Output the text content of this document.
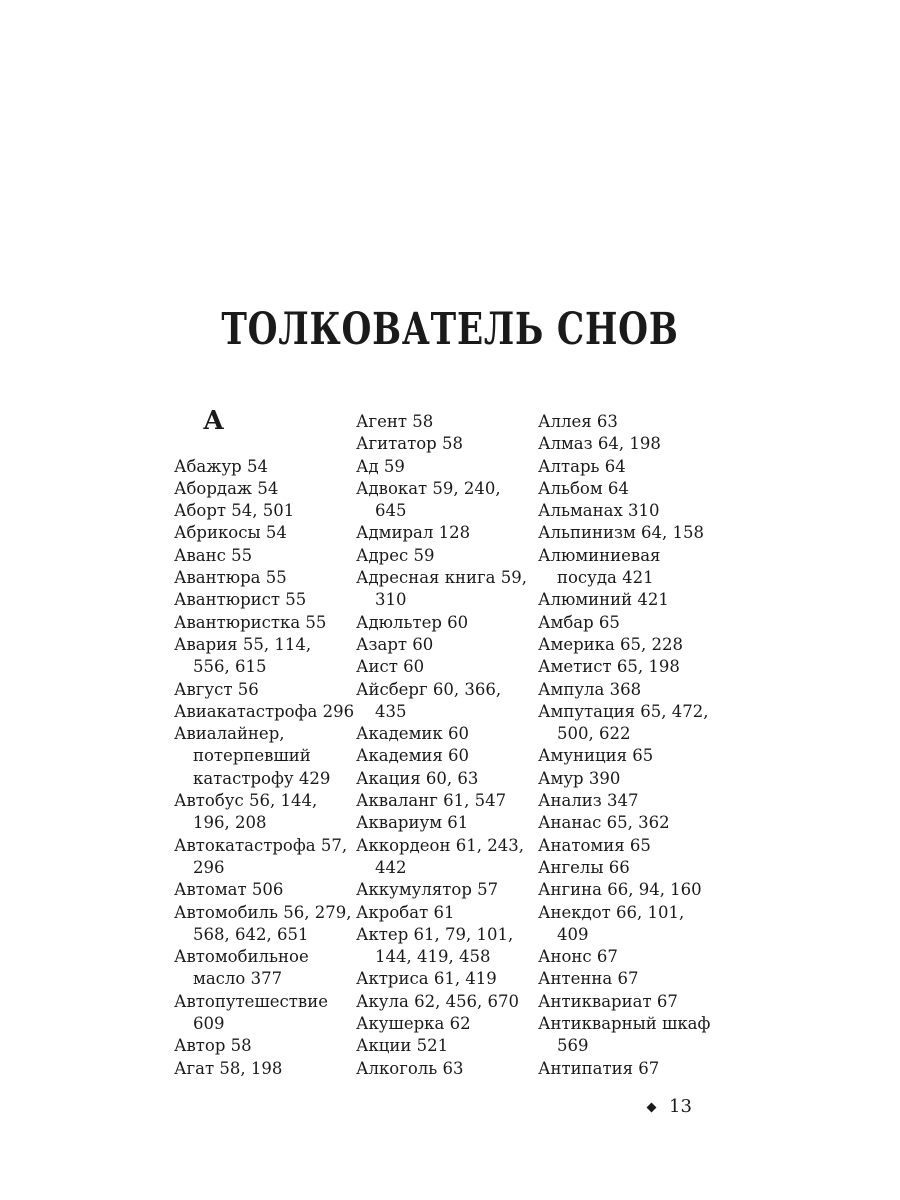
ТОЛКОВАТЕЛЬ СНОВ
А
Абажур 54
Абордаж 54
Аборт 54, 501
Абрикосы 54
Аванс 55
Авантюра 55
Авантюрист 55
Авантюристка 55
Авария 55, 114,
556, 615
Август 56
Авиакатастрофа 296
Авиалайнер,
потерпевший
катастрофу 429
Автобус 56, 144,
196, 208
Автокатастрофа 57,
296
Автомат 506
Автомобиль 56, 279,
568, 642, 651
Автомобильное
масло 377
Автопутешествие
609
Автор 58
Агат 58, 198
Агент 58
Агитатор 58
Ад 59
Адвокат 59, 240,
645
Адмирал 128
Адрес 59
Адресная книга 59,
310
Адюльтер 60
Азарт 60
Аист 60
Айсберг 60, 366,
435
Академик 60
Академия 60
Акация 60, 63
Акваланг 61, 547
Аквариум 61
Аккордеон 61, 243,
442
Аккумулятор 57
Акробат 61
Актер 61, 79, 101,
144, 419, 458
Актриса 61, 419
Акула 62, 456, 670
Акушерка 62
Акции 521
Алкоголь 63
Аллея 63
Алмаз 64, 198
Алтарь 64
Альбом 64
Альманах 310
Альпинизм 64, 158
Алюминиевая
посуда 421
Алюминий 421
Амбар 65
Америка 65, 228
Аметист 65, 198
Ампула 368
Ампутация 65, 472,
500, 622
Амуниция 65
Амур 390
Анализ 347
Ананас 65, 362
Анатомия 65
Ангелы 66
Ангина 66, 94, 160
Анекдот 66, 101,
409
Анонс 67
Антенна 67
Антиквариат 67
Антикварный шкаф
569
Антипатия 67
13
